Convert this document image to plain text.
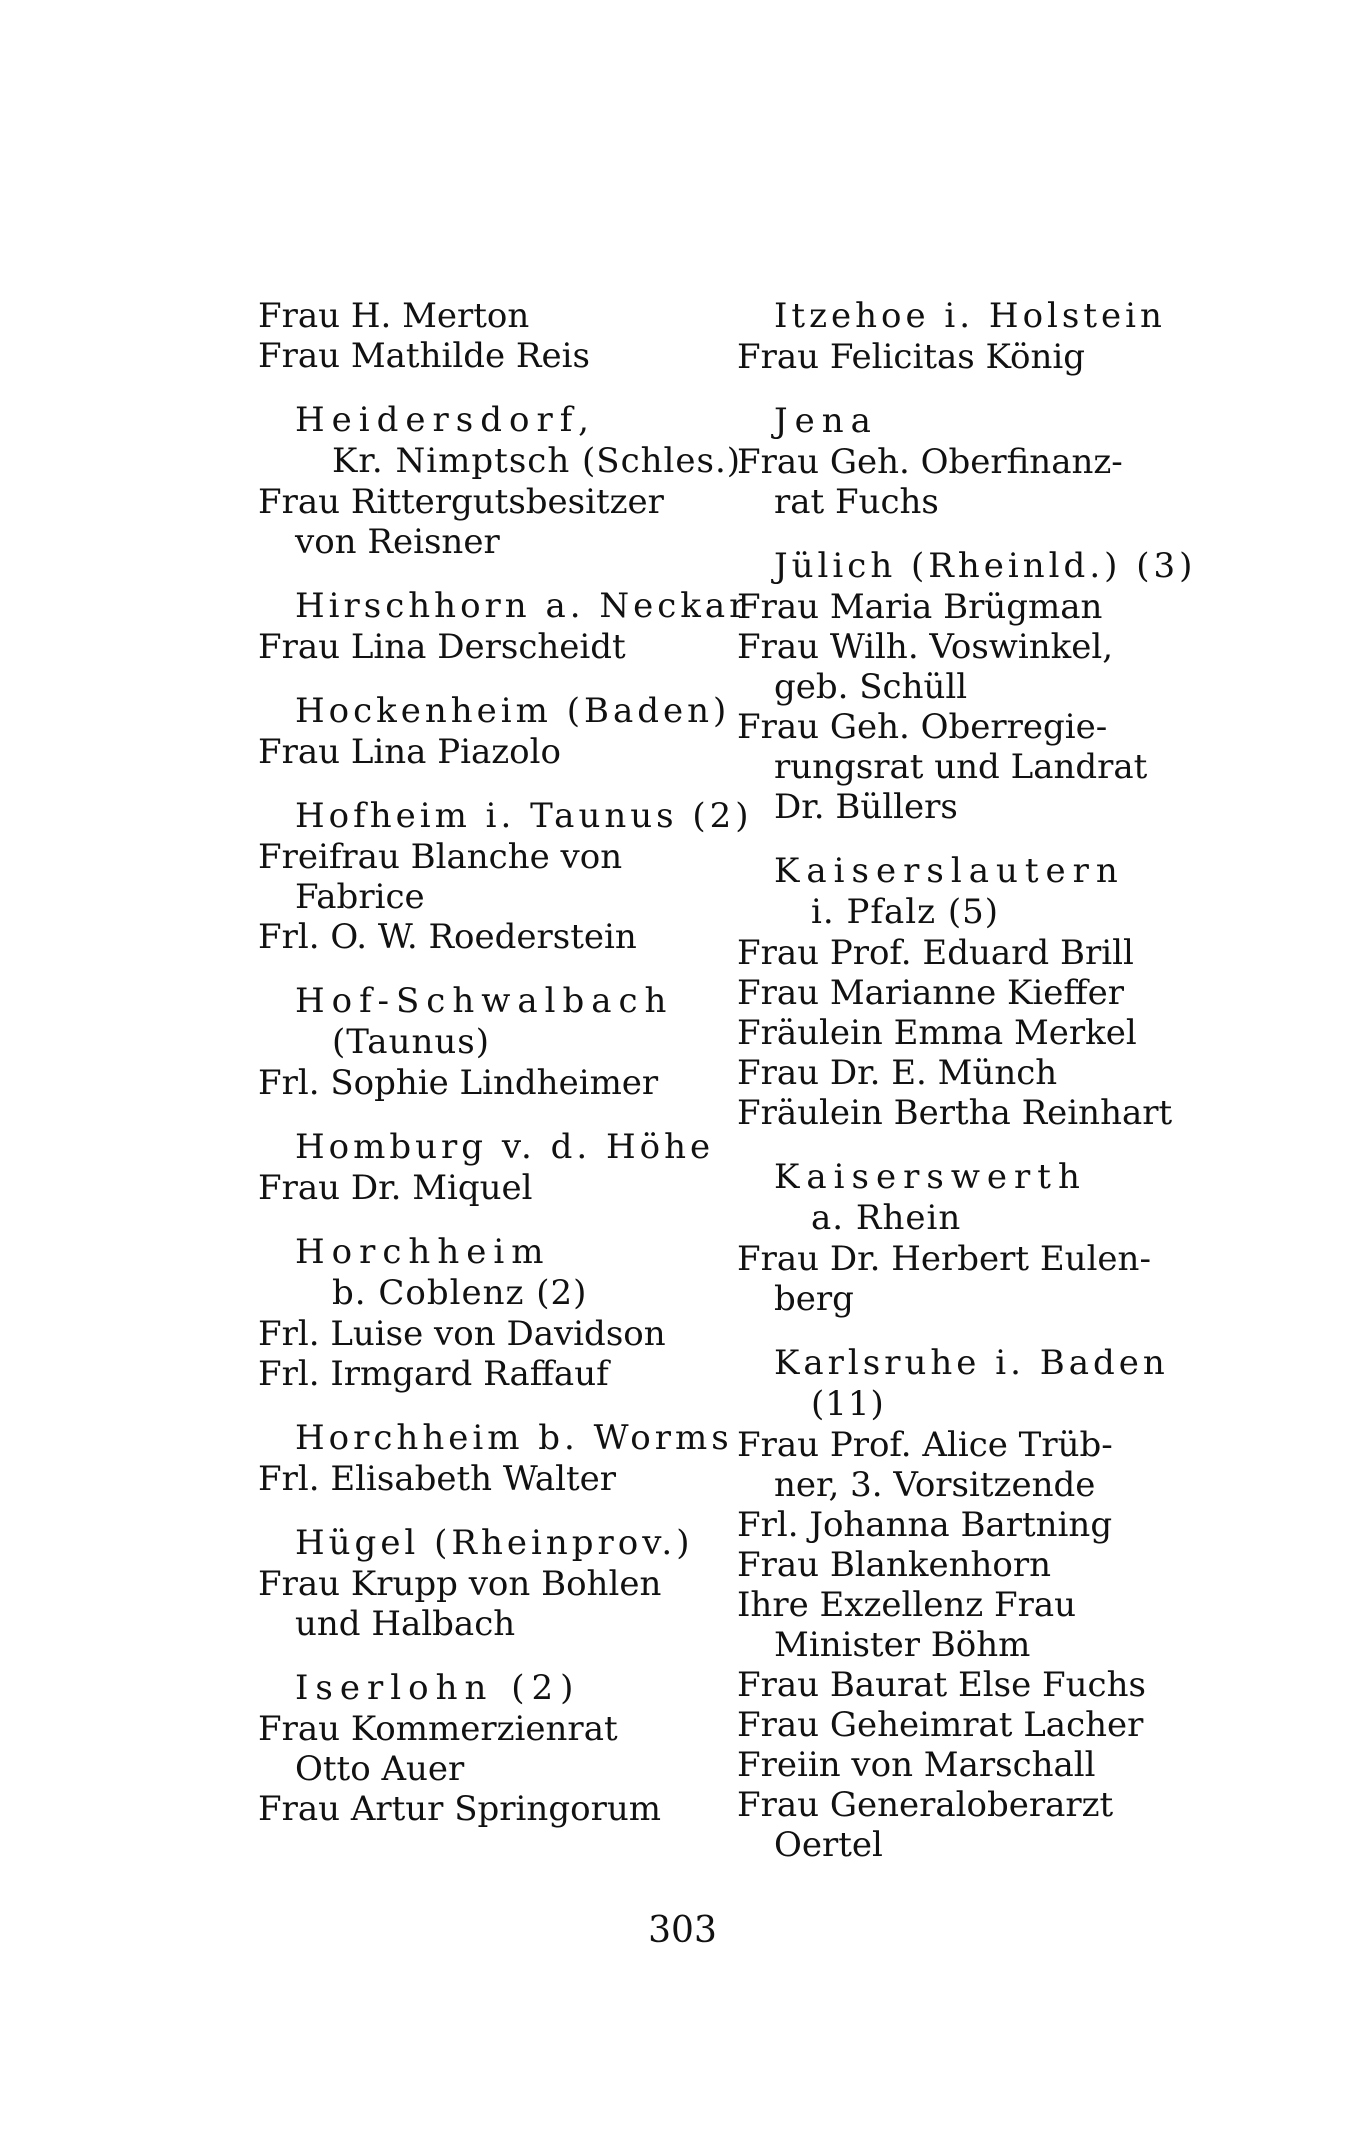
Frau H. Merton
Frau Mathilde Reis
Heidersdorf,
Kr. Nimptsch (Schles.)
Frau Rittergutsbesitzer
von Reisner
Hirschhorn a. Neckar
Frau Lina Derscheidt
Hockenheim (Baden)
Frau Lina Piazolo
Hofheim i. Taunus (2)
Freifrau Blanche von
Fabrice
Frl. O. W. Roederstein
Hof-Schwalbach
(Taunus)
Frl. Sophie Lindheimer
Homburg v. d. Höhe
Frau Dr. Miquel
Horchheim
b. Coblenz (2)
Frl. Luise von Davidson
Frl. Irmgard Raffauf
Horchheim b. Worms
Frl. Elisabeth Walter
Hügel (Rheinprov.)
Frau Krupp von Bohlen
und Halbach
Iserlohn (2)
Frau Kommerzienrat
Otto Auer
Frau Artur Springorum
Itzehoe i. Holstein
Frau Felicitas König
Jena
Frau Geh. Oberfinanz-
rat Fuchs
Jülich (Rheinld.) (3)
Frau Maria Brügman
Frau Wilh. Voswinkel,
geb. Schüll
Frau Geh. Oberregie-
rungsrat und Landrat
Dr. Büllers
Kaiserslautern
i. Pfalz (5)
Frau Prof. Eduard Brill
Frau Marianne Kieffer
Fräulein Emma Merkel
Frau Dr. E. Münch
Fräulein Bertha Reinhart
Kaiserswerth
a. Rhein
Frau Dr. Herbert Eulen-
berg
Karlsruhe i. Baden
(11)
Frau Prof. Alice Trüb-
ner, 3. Vorsitzende
Frl. Johanna Bartning
Frau Blankenhorn
Ihre Exzellenz Frau
Minister Böhm
Frau Baurat Else Fuchs
Frau Geheimrat Lacher
Freiin von Marschall
Frau Generaloberarzt
Oertel
303
